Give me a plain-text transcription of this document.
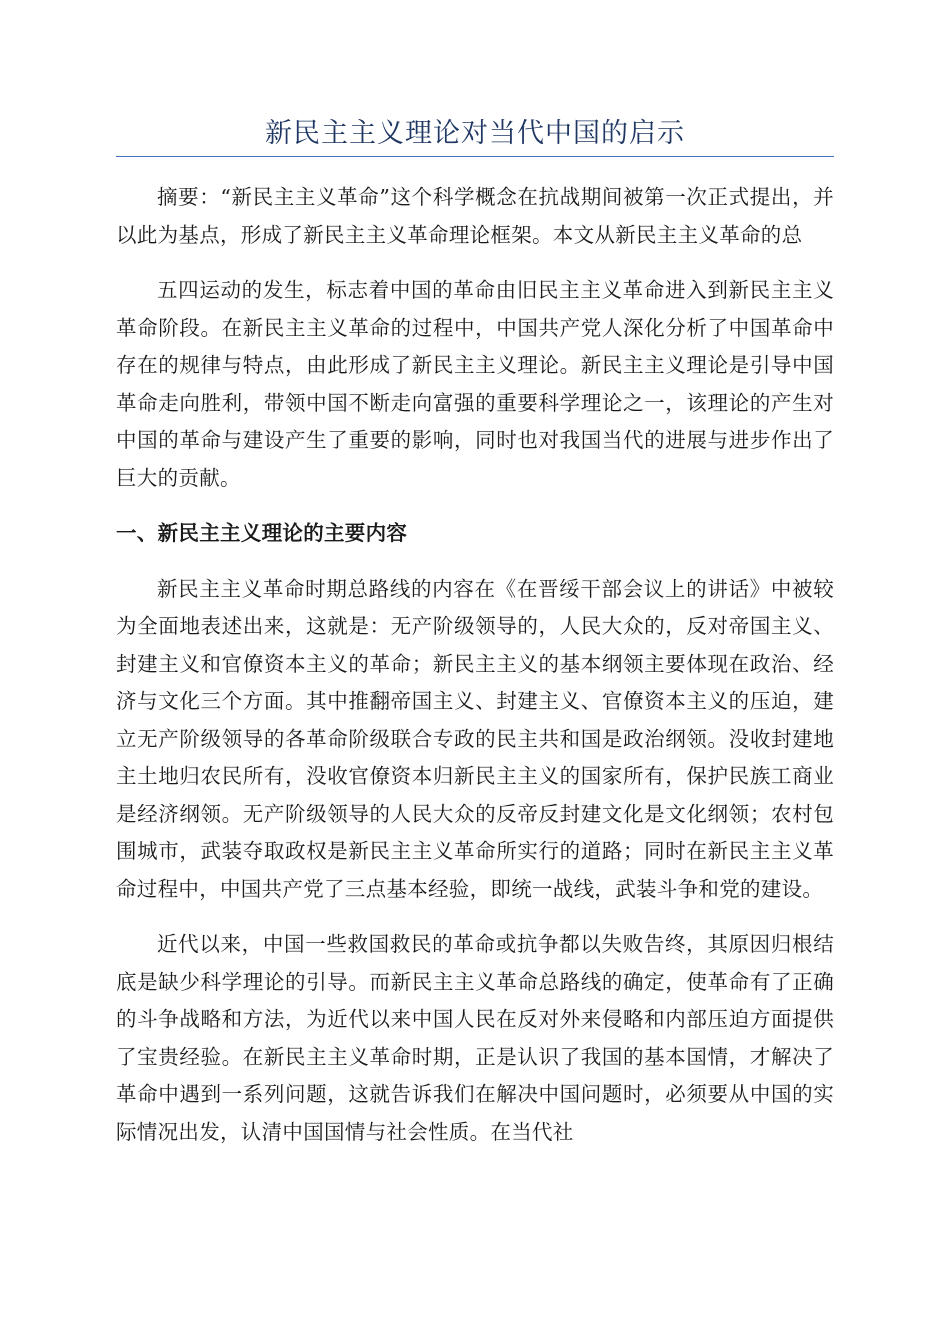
新民主主义理论对当代中国的启示

摘要：“新民主主义革命”这个科学概念在抗战期间被第一次正式提出，并以此为基点，形成了新民主主义革命理论框架。本文从新民主主义革命的总

五四运动的发生，标志着中国的革命由旧民主主义革命进入到新民主主义革命阶段。在新民主主义革命的过程中，中国共产党人深化分析了中国革命中存在的规律与特点，由此形成了新民主主义理论。新民主主义理论是引导中国革命走向胜利，带领中国不断走向富强的重要科学理论之一，该理论的产生对中国的革命与建设产生了重要的影响，同时也对我国当代的进展与进步作出了巨大的贡献。

一、新民主主义理论的主要内容

新民主主义革命时期总路线的内容在《在晋绥干部会议上的讲话》中被较为全面地表述出来，这就是：无产阶级领导的，人民大众的，反对帝国主义、封建主义和官僚资本主义的革命；新民主主义的基本纲领主要体现在政治、经济与文化三个方面。其中推翻帝国主义、封建主义、官僚资本主义的压迫，建立无产阶级领导的各革命阶级联合专政的民主共和国是政治纲领。没收封建地主土地归农民所有，没收官僚资本归新民主主义的国家所有，保护民族工商业是经济纲领。无产阶级领导的人民大众的反帝反封建文化是文化纲领；农村包围城市，武装夺取政权是新民主主义革命所实行的道路；同时在新民主主义革命过程中，中国共产党了三点基本经验，即统一战线，武装斗争和党的建设。

近代以来，中国一些救国救民的革命或抗争都以失败告终，其原因归根结底是缺少科学理论的引导。而新民主主义革命总路线的确定，使革命有了正确的斗争战略和方法，为近代以来中国人民在反对外来侵略和内部压迫方面提供了宝贵经验。在新民主主义革命时期，正是认识了我国的基本国情，才解决了革命中遇到一系列问题，这就告诉我们在解决中国问题时，必须要从中国的实际情况出发，认清中国国情与社会性质。在当代社
